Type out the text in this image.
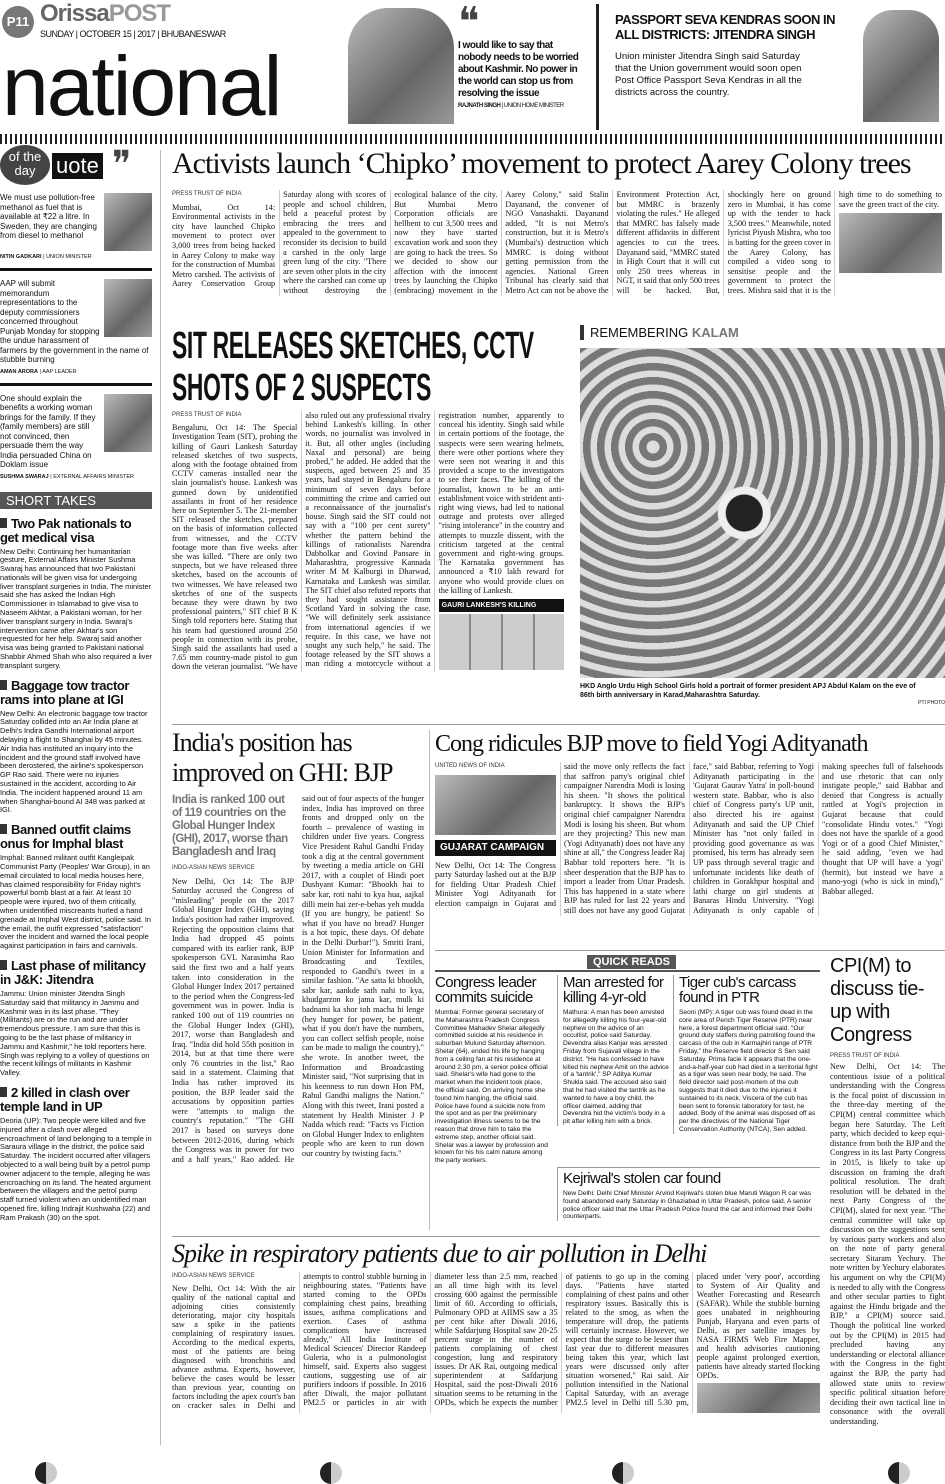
P11 OrissaPOST
SUNDAY | OCTOBER 15 | 2017 | BHUBANESWAR
national
❝
I would like to say that nobody needs to be worried about Kashmir. No power in the world can stop us from resolving the issue
RAJNATH SINGH | UNION HOME MINISTER
PASSPORT SEVA KENDRAS SOON IN ALL DISTRICTS: JITENDRA SINGH
Union minister Jitendra Singh said Saturday that the Union government would soon open Post Office Passport Seva Kendras in all the districts across the country.
of the
day uote ❞
We must use pollution-free methanol as fuel that is available at ₹22 a litre. In Sweden, they are changing from diesel to methanol
NITIN GADKARI | UNION MINISTER
AAP will submit memorandum representations to the deputy commissioners concerned throughout Punjab Monday for stopping the undue harassment of farmers by the government in the name of stubble burning
AMAN ARORA | AAP LEADER
One should explain the benefits a working woman brings for the family. If they (family members) are still not convinced, then persuade them the way India persuaded China on Doklam issue
SUSHMA SWARAJ | EXTERNAL AFFAIRS MINISTER
SHORT TAKES
Two Pak nationals to get medical visa
New Delhi: Continuing her humanitarian gesture, External Affairs Minister Sushma Swaraj has announced that two Pakistani nationals will be given visa for undergoing liver transplant surgeries in India. The minister said she has asked the Indian High Commissioner in Islamabad to give visa to Naseem Akhtar, a Pakistani woman, for her liver transplant surgery in India. Swaraj's intervention came after Akhtar's son requested for her help. Swaraj said another visa was being granted to Pakistani national Shabbir Ahmed Shah who also required a liver transplant surgery.
Baggage tow tractor rams into plane at IGI
New Delhi: An electronic baggage tow tractor Saturday collided into an Air India plane at Delhi's Indira Gandhi International airport delaying a flight to Shanghai by 45 minutes. Air India has instituted an inquiry into the incident and the ground staff involved have been derostered, the airline's spokesperson GP Rao said. There were no injuries sustained in the accident, according to Air India. The incident happened around 11 am when Shanghai-bound AI 348 was parked at IGI.
Banned outfit claims onus for Imphal blast
Imphal: Banned militant outfit Kangleipak Communist Party (Peoples' War Group), in an email circulated to local media houses here, has claimed responsibility for Friday night's powerful bomb blast at a fair. At least 10 people were injured, two of them critically, when unidentified miscreants hurled a hand grenade at Imphal West district, police said. In the email, the outfit expressed "satisfaction" over the incident and warned the local people against participation in fairs and carnivals.
Last phase of militancy in J&K: Jitendra
Jammu: Union minister Jitendra Singh Saturday said that militancy in Jammu and Kashmir was in its last phase. "They (Militants) are on the run and are under tremendous pressure. I am sure that this is going to be the last phase of militancy in Jammu and Kashmir," he told reporters here. Singh was replying to a volley of questions on the recent killings of militants in Kashmir Valley.
2 killed in clash over temple land in UP
Deoria (UP): Two people were killed and five injured after a clash over alleged encroachment of land belonging to a temple in Saraura village in the district, the police said Saturday. The incident occurred after villagers objected to a wall being built by a petrol pump owner adjacent to the temple, alleging he was encroaching on its land. The heated argument between the villagers and the petrol pump staff turned violent when an unidentified man opened fire, killing Indrajit Kushwaha (22) and Ram Prakash (30) on the spot.
Activists launch ‘Chipko’ movement to protect Aarey Colony trees
PRESS TRUST OF INDIA

Mumbai, Oct 14: Environmental activists in the city have launched Chipko movement to protect over 3,000 trees from being hacked in Aarey Colony to make way for the construction of Mumbai Metro carshed. The activists of Aarey Conservation Group Saturday along with scores of people and school children, held a peaceful protest by embracing the trees and appealed to the government to reconsider its decision to build a carshed in the only large green lung of the city. "There are seven other plots in the city where the carshed can come up without destroying the ecological balance of the city. But Mumbai Metro Corporation officials are hellbent to cut 3,500 trees and now they have started excavation work and soon they are going to hack the trees. So we decided to show our affection with the innocent trees by launching the Chipko (embracing) movement in the Aarey Colony," said Stalin Dayanand, the convener of NGO Vanashakti. Dayanand added, "It is not Metro's construction, but it is Metro's (Mumbai's) destruction which MMRC is doing without getting permission from the agencies. National Green Tribunal has clearly said that Metro Act can not be above the Environment Protection Act, but MMRC is brazenly violating the rules." He alleged that MMRC has falsely made different affidavits in different agencies to cut the trees. Dayanand said, "MMRC stated in High Court that it will cut only 250 trees whereas in NGT, it said that only 500 trees will be hacked. But, shockingly here on ground zero in Mumbai, it has come up with the tender to hack 3,500 trees." Meanwhile, noted lyricist Piyush Mishra, who too is batting for the green cover in the Aarey Colony, has compiled a video song to sensitise people and the government to protect the trees. Mishra said that it is the high time to do something to save the green tract of the city.

SIT RELEASES SKETCHES, CCTV SHOTS OF 2 SUSPECTS
PRESS TRUST OF INDIA

Bengaluru, Oct 14: The Special Investigation Team (SIT), probing the killing of Gauri Lankesh Saturday released sketches of two suspects, along with the footage obtained from CCTV cameras installed near the slain journalist's house. Lankesh was gunned down by unidentified assailants in front of her residence here on September 5. The 21-member SIT released the sketches, prepared on the basis of information collected from witnesses, and the CCTV footage more than five weeks after she was killed. "There are only two suspects, but we have released three sketches, based on the accounts of two witnesses. We have released two sketches of one of the suspects because they were drawn by two professional painters," SIT chief B K Singh told reporters here. Stating that his team had questioned around 250 people in connection with its probe, Singh said the assailants had used a 7.65 mm country-made pistol to gun down the veteran journalist. "We have also ruled out any professional rivalry behind Lankesh's killing. In other words, no journalist was involved in it. But, all other angles (including Naxal and personal) are being probed," he added. He added that the suspects, aged between 25 and 35 years, had stayed in Bengaluru for a minimum of seven days before committing the crime and carried out a reconnaissance of the journalist's house. Singh said the SIT could not say with a "100 per cent surety" whether the pattern behind the killings of rationalists Narendra Dabholkar and Govind Pansare in Maharashtra, progressive Kannada writer M M Kalburgi in Dharwad, Karnataka and Lankesh was similar. The SIT chief also refuted reports that they had sought assistance from Scotland Yard in solving the case. "We will definitely seek assistance from international agencies if we require. In this case, we have not sought any such help," he said. The footage released by the SIT shows a man riding a motorcycle without a registration number, apparently to conceal his identity. Singh said while in certain portions of the footage, the suspects were seen wearing helmets, there were other portions where they were seen not wearing it and this provided a scope to the investigators to see their faces. The killing of the journalist, known to be an anti-establishment voice with strident anti-right wing views, had led to national outrage and protests over alleged "rising intolerance" in the country and attempts to muzzle dissent, with the criticism targeted at the central government and right-wing groups. The Karnataka government has announced a ₹10 lakh reward for anyone who would provide clues on the killing of Lankesh.

GAURI LANKESH'S KILLING
REMEMBERING KALAM
HKD Anglo Urdu High School Girls hold a portrait of former president APJ Abdul Kalam on the eve of 86th birth anniversary in Karad,Maharashtra Saturday.
PTI PHOTO
India's position has improved on GHI: BJP
India is ranked 100 out of 119 countries on the Global Hunger Index (GHI), 2017, worse than Bangladesh and Iraq
INDO-ASIAN NEWS SERVICE

New Delhi, Oct 14: The BJP Saturday accused the Congress of "misleading" people on the 2017 Global Hunger Index (GHI), saying India's position had rather improved. Rejecting the opposition claims that India had dropped 45 points compared with its earlier rank, BJP spokesperson GVL Narasimha Rao said the first two and a half years taken into consideration in the Global Hunger Index 2017 pertained to the period when the Congress-led government was in power. India is ranked 100 out of 119 countries on the Global Hunger Index (GHI), 2017, worse than Bangladesh and Iraq. "India did hold 55th position in 2014, but at that time there were only 76 countries in the list," Rao said in a statement. Claiming that India has rather improved its position, the BJP leader said the accusations by opposition parties were "attempts to malign the country's reputation." "The GHI 2017 is based on surveys done between 2012-2016, during which the Congress was in power for two and a half years," Rao added. He said out of four aspects of the hunger index, India has improved on three fronts and dropped only on the fourth – prevalence of wasting in children under five years. Congress Vice President Rahul Gandhi Friday took a dig at the central government by tweeting a media article on GHI 2017, with a couplet of Hindi poet Dushyant Kumar: "Bhookh hai to sabr kar, roti nahi to kya hua, aajkal dilli mein hai zer-e-behas yeh mudda (If you are hungry, be patient! So what if you have no bread? Hunger is a hot topic, these days. Of debate in the Delhi Durbar!"). Smriti Irani, Union Minister for Information and Broadcasting and Textiles, responded to Gandhi's tweet in a similar fashion. "Ae satta ki bhookh, sabr kar, aankde sath nahi to kya, khudgarzon ko jama kar, mulk ki badnami ka shor toh macha hi lenge (hey hunger for power, be patient, what if you don't have the numbers, you can collect selfish people, noise can be made to malign the country)," she wrote. In another tweet, the Information and Broadcasting Minister said, "Not surprising that in his keenness to run down Hon PM, Rahul Gandhi maligns the Nation." Along with this tweet, Irani posted a statement by Health Minister J P Nadda which read: "Facts vs Fiction on Global Hunger Index to enlighten people who are keen to run down our country by twisting facts."

Cong ridicules BJP move to field Yogi Adityanath
UNITED NEWS OF INDIA
GUJARAT CAMPAIGN

New Delhi, Oct 14: The Congress party Saturday lashed out at the BJP for fielding Uttar Pradesh Chief Minister Yogi Adityanath for election campaign in Gujarat and said the move only reflects the fact that saffron party's original chief campaigner Narendra Modi is losing his sheen. "It shows the political bankruptcy. It shows the BJP's original chief campaigner Narendra Modi is losing his sheen. But whom are they projecting? This new man (Yogi Adityanath) does not have any shine at all," the Congress leader Raj Babbar told reporters here. "It is sheer desperation that the BJP has to import a leader from Uttar Pradesh. This has happened in a state where BJP has ruled for last 22 years and still does not have any good Gujarat face," said Babbar, referring to Yogi Adityanath participating in the 'Gujarat Gaurav Yatra' in poll-bound western state. Babbar, who is also chief of Congress party's UP unit, also directed his ire against Adityanath and said the UP Chief Minister has "not only failed in providing good governance as was promised, his term has already seen UP pass through several tragic and unfortunate incidents like death of children in Gorakhpur hospital and lathi charge on girl students at Banaras Hindu University. "Yogi Adityanath is only capable of making speeches full of falsehoods and use rhetoric that can only instigate people," said Babbar and denied that Congress is actually rattled at Yogi's projection in Gujarat because that could "consolidate Hindu votes." "Yogi does not have the sparkle of a good Yogi or of a good Chief Minister," he said adding, "even we had thought that UP will have a 'yogi' (hermit), but instead we have a mano-yogi (who is sick in mind)," Babbar alleged.

QUICK READS
Congress leader commits suicide

Mumbai: Former general secretary of the Maharashtra Pradesh Congress Committee Mahadev Shelar allegedly committed suicide at his residence in suburban Mulund Saturday afternoon. Shelar (64), ended his life by hanging from a ceiling fan at his residence at around 2.30 pm, a senior police official said. Shelar's wife had gone to the market when the incident took place, the official said. On arriving home she found him hanging, the official said. Police have found a suicide note from the spot and as per the preliminary investigation illness seems to be the reason that drove him to take the extreme step, another official said. Shelar was a lawyer by profession and known for his his calm nature among the party workers.

Man arrested for killing 4-yr-old

Mathura: A man has been arrested for allegedly killing his four-year-old nephew on the advice of an occultist, police said Saturday. Devendra alias Kanjar was arrested Friday from Sujavali village in the district. "He has confessed to have killed his nephew Amit on the advice of a 'tantrik'," SP Aditya Kumar Shukla said. The accused also said that he had visited the tantrik as he wanted to have a boy child, the officer claimed, adding that Devendra hid the victim's body in a pit after killing him with a brick.

Tiger cub's carcass found in PTR

Seoni (MP): A tiger cub was found dead in the core area of Pench Tiger Reserve (PTR) near here, a forest department official said. "Our ground duty staffers during patrolling found the carcass of the cub in Karmajhiri range of PTR Friday," the Reserve field director S Sen said Saturday. Prima facie it appears that the one-and-a-half-year cub had died in a territorial fight as a tiger was seen near body, he said. The field director said post-mortem of the cub suggests that it died due to the injuries it sustained to its neck. Viscera of the cub has been sent to forensic laboratory for test, he added. Body of the animal was disposed off as per the directives of the National Tiger Conservation Authority (NTCA), Sen added.

Kejriwal's stolen car found

New Delhi: Delhi Chief Minister Arvind Kejriwal's stolen blue Maruti Wagon R car was found abandoned early Saturday in Ghaziabad in Uttar Pradesh, police said. A senior police officer said that the Uttar Pradesh Police found the car and informed their Delhi counterparts.

CPI(M) to discuss tie-up with Congress
PRESS TRUST OF INDIA
New Delhi, Oct 14: The contentious issue of a political understanding with the Congress is the focal point of discussion in the three-day meeting of the CPI(M) central committee which began here Saturday. The Left party, which decided to keep equi-distance from both the BJP and the Congress in its last Party Congress in 2015, is likely to take up discussion on framing the draft political resolution. The draft resolution will be debated in the next Party Congress of the CPI(M), slated for next year. "The central committee will take up discussion on the suggestions sent by various party workers and also on the note of party general secretary Sitaram Yechury. The note written by Yechury elaborates his argument on why the CPI(M) is needed to ally with the Congress and other secular parties to fight against the Hindu brigade and the BJP," a CPI(M) source said. Though the political line worked out by the CPI(M) in 2015 had precluded having any understanding or electoral alliance with the Congress in the fight against the BJP, the party had allowed state units to review specific political situation before deciding their own tactical line in consonance with the overall understanding.
Spike in respiratory patients due to air pollution in Delhi
INDO-ASIAN NEWS SERVICE

New Delhi, Oct 14: With the air quality of the national capital and adjoining cities consistently deteriorating, major city hospitals saw a spike in the patients complaining of respiratory issues. According to the medical experts, most of the patients are being diagnosed with bronchitis and advance asthma. Experts, however, believe the cases would be lesser than previous year, counting on factors including the apex court's ban on cracker sales in Delhi and attempts to control stubble burning in neighbouring states. "Patients have started coming to the OPDs complaining chest pains, breathing issues, asthma complications and exertion. Cases of asthma complications have increased already," All India Institute of Medical Sciences' Director Randeep Guleria, who is a pulmonologist himself, said. Experts also suggest cautions, suggesting use of air purifiers indoors if possible. In 2016 after Diwali, the major pollutant PM2.5 or particles in air with diameter less than 2.5 mm, reached an all time high with its level crossing 600 against the permissible limit of 60. According to officials, Pulmonary OPD at AIIMS saw a 35 per cent hike after Diwali 2016, while Safdarjung Hospital saw 20-25 percent surge in the number of patients complaining of chest congestion, lung and respiratory issues. Dr AK Rai, outgoing medical superintendent at Safdarjung Hospital, said the post-Diwali 2016 situation seems to be returning in the OPDs, which he expects the number of patients to go up in the coming days. "Patients have started complaining of chest pains and other respiratory issues. Basically this is related to the smog, as when the temperature will drop, the patients will certainly increase. However, we expect that the surge to be lesser than last year due to different measures being taken this year, which last years were discussed only after situation worsened," Rai said. Air pollution intensified in the National Capital Saturday, with an average PM2.5 level in Delhi till 5.30 pm, placed under 'very poor', according to System of Air Quality and Weather Forecasting and Research (SAFAR). While the stubble burning goes unabated in neighbouring Punjab, Haryana and even parts of Delhi, as per satellite images by NASA FIRMS Web Fire Mapper, and health advisories cautioning people against prolonged exertion, patients have already started flocking OPDs.
